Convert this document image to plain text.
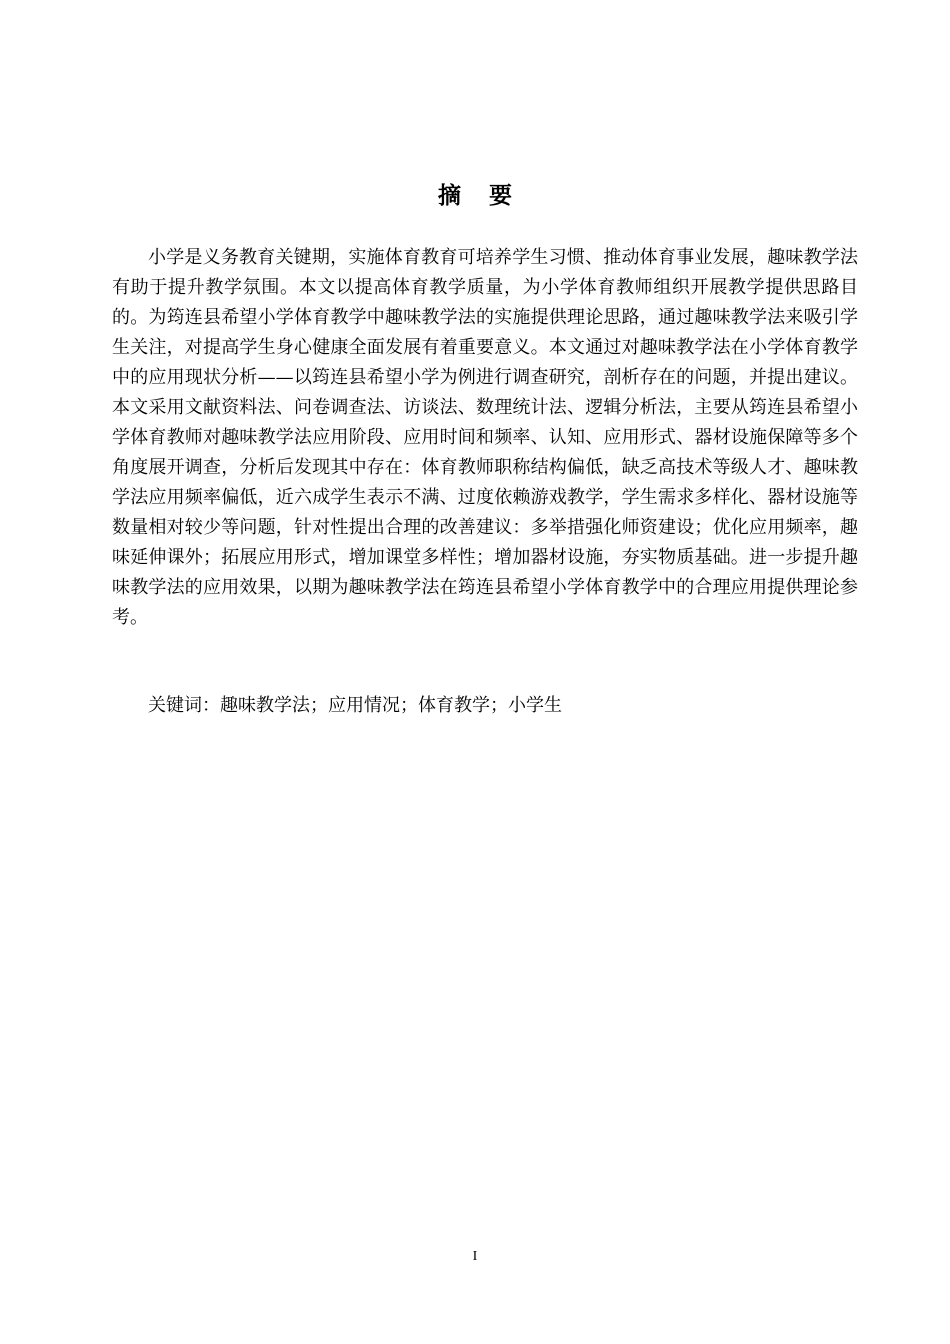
摘要

小学是义务教育关键期，实施体育教育可培养学生习惯、推动体育事业发展，趣味教学法有助于提升教学氛围。本文以提高体育教学质量，为小学体育教师组织开展教学提供思路目的。为筠连县希望小学体育教学中趣味教学法的实施提供理论思路，通过趣味教学法来吸引学生关注，对提高学生身心健康全面发展有着重要意义。本文通过对趣味教学法在小学体育教学中的应用现状分析——以筠连县希望小学为例进行调查研究，剖析存在的问题，并提出建议。本文采用文献资料法、问卷调查法、访谈法、数理统计法、逻辑分析法，主要从筠连县希望小学体育教师对趣味教学法应用阶段、应用时间和频率、认知、应用形式、器材设施保障等多个角度展开调查，分析后发现其中存在：体育教师职称结构偏低，缺乏高技术等级人才、趣味教学法应用频率偏低，近六成学生表示不满、过度依赖游戏教学，学生需求多样化、器材设施等数量相对较少等问题，针对性提出合理的改善建议：多举措强化师资建设；优化应用频率，趣味延伸课外；拓展应用形式，增加课堂多样性；增加器材设施，夯实物质基础。进一步提升趣味教学法的应用效果，以期为趣味教学法在筠连县希望小学体育教学中的合理应用提供理论参考。

关键词：趣味教学法；应用情况；体育教学；小学生
I
